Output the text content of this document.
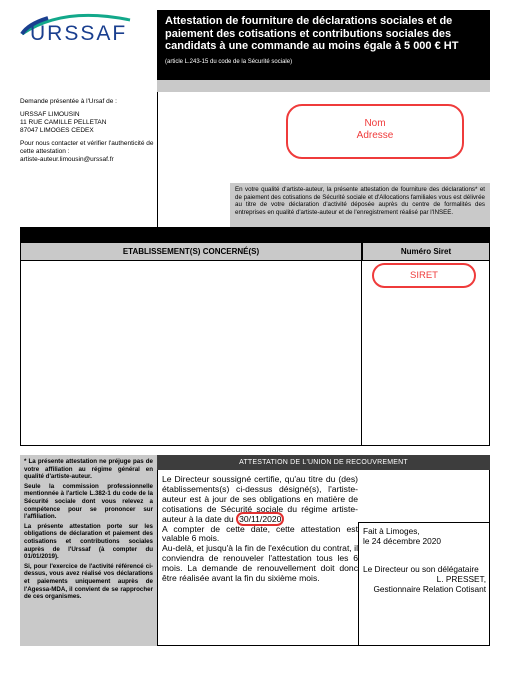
URSSAF
Attestation de fourniture de déclarations sociales et de paiement des cotisations et contributions sociales des candidats à une commande au moins égale à 5 000 € HT
(article L.243-15 du code de la Sécurité sociale)

Demande présentée à l'Ursaf de :

URSSAF LIMOUSIN
11 RUE CAMILLE PELLETAN

87047 LIMOGES CEDEX

Pour nous contacter et vérifier l'authenticité de cette attestation :
artiste-auteur.limousin@urssaf.fr
Nom
Adresse
En votre qualité d'artiste-auteur, la présente attestation de fourniture des déclarations* et de paiement des cotisations de Sécurité sociale et d'Allocations familiales vous est délivrée au titre de votre déclaration d'activité déposée auprès du centre de formalités des entreprises en qualité d'artiste-auteur et de l'enregistrement réalisé par l'INSEE.
ETABLISSEMENT(S) CONCERNÉ(S)	Numéro Siret
SIRET

* La présente attestation ne préjuge pas de votre affiliation au régime général en qualité d'artiste-auteur.

Seule la commission professionnelle mentionnée à l'article L.382-1 du code de la Sécurité sociale dont vous relevez a compétence pour se prononcer sur l'affiliation.

La présente attestation porte sur les obligations de déclaration et paiement des cotisations et contributions sociales auprès de l'Urssaf (à compter du 01/01/2019).

Si, pour l'exercice de l'activité référencé ci-dessus, vous avez réalisé vos déclarations et paiements uniquement auprès de l'Agessa-MDA, il convient de se rapprocher de ces organismes.

ATTESTATION DE L'UNION DE RECOUVREMENT

Le Directeur soussigné certifie, qu'au titre du (des) établissements(s) ci-dessus désigné(s), l'artiste-auteur est à jour de ses obligations en matière de cotisations de Sécurité sociale du régime artiste-auteur à la date du 30/11/2020

A compter de cette date, cette attestation est valable 6 mois.

Au-delà, et jusqu'à la fin de l'exécution du contrat, il conviendra de renouveler l'attestation tous les 6 mois. La demande de renouvellement doit donc être réalisée avant la fin du sixième mois.

Fait à Limoges,
le 24 décembre 2020
Le Directeur ou son délégataire
L. PRESSET,
Gestionnaire Relation Cotisant
